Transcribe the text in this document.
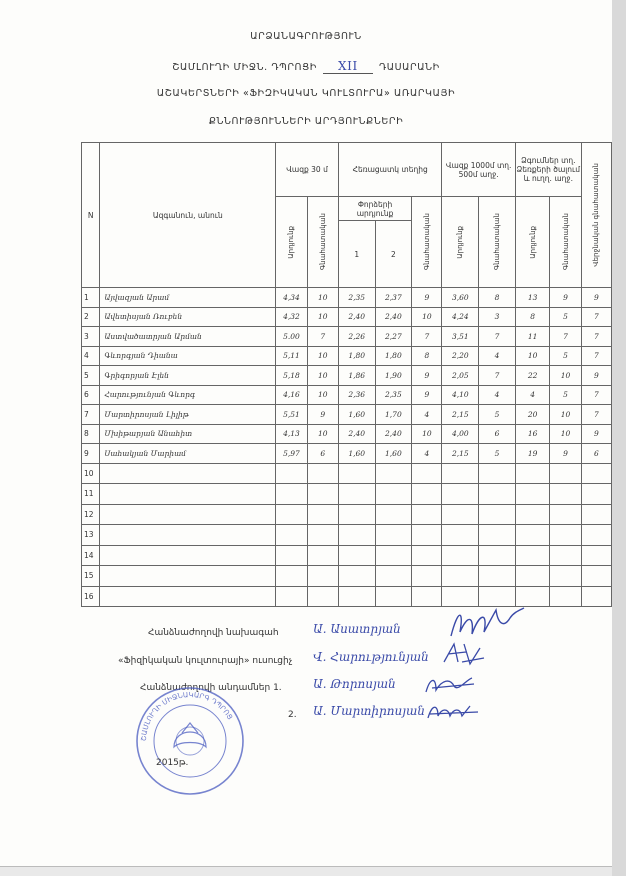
ԱՐՁԱՆԱԳՐՈՒԹՅՈՒՆ
ՇԱՄԼՈՒՂԻ ՄԻՋՆ. ԴՊՐՈՑԻ XII ԴԱՍԱՐԱՆԻ
ԱՇԱԿԵՐՏՆԵՐԻ «ՖԻԶԻԿԱԿԱՆ ԿՈՒԼՏՈՒՐԱ» ԱՌԱՐԿԱՅԻ
ՔՆՆՈՒԹՅՈՒՆՆԵՐԻ ԱՐԴՅՈՒՆՔՆԵՐԻ
N	Ազգանուն, անուն	Վազք 30 մ		Հեռացատկ տեղից			Վազք 1000մ տղ. 500մ աղջ.		Ձգումներ տղ. Ձեռքերի ծալում և ուղղ. աղջ.		Վերջնական գնահատական

		Արդյունք	Գնահատական	Փորձերի արդյունք		Գնահատական	Արդյունք	Գնահատական	Արդյունք	Գնահատական	

				1	2						
1	Այվազյան Արամ	4,34	10	2,35	2,37	9	3,60	8	13	9	9
2	Ավետիսյան Ռուբեն	4,32	10	2,40	2,40	10	4,24	3	8	5	7
3	Աստվածատրյան Արման	5.00	7	2,26	2,27	7	3,51	7	11	7	7
4	Գևորգյան Դիանա	5,11	10	1,80	1,80	8	2,20	4	10	5	7
5	Գրիգորյան Էլեն	5,18	10	1,86	1,90	9	2,05	7	22	10	9
6	Հարությունյան Գևորգ	4,16	10	2,36	2,35	9	4,10	4	4	5	7
7	Մարտիրոսյան Լիլիթ	5,51	9	1,60	1,70	4	2,15	5	20	10	7
8	Մխիթարյան Անահիտ	4,13	10	2,40	2,40	10	4,00	6	16	10	9
9	Սահակյան Մարիամ	5,97	6	1,60	1,60	4	2,15	5	19	9	6
10											
11											
12											
13											
14											
15											
16											
Հանձնաժողովի նախագահ	Ա. Ասատրյան
«Ֆիզիկական կուլտուրայի» ուսուցիչ Վ. Հարությունյան
Հանձնաժողովի անդամներ 1.	Ա. Թորոսյան
2. Ա. Մարտիրոսյան
ՇԱՄԼՈՒՂԻ ՄԻՋՆԱԿԱՐԳ ԴՊՐՈՑ
2015թ.
